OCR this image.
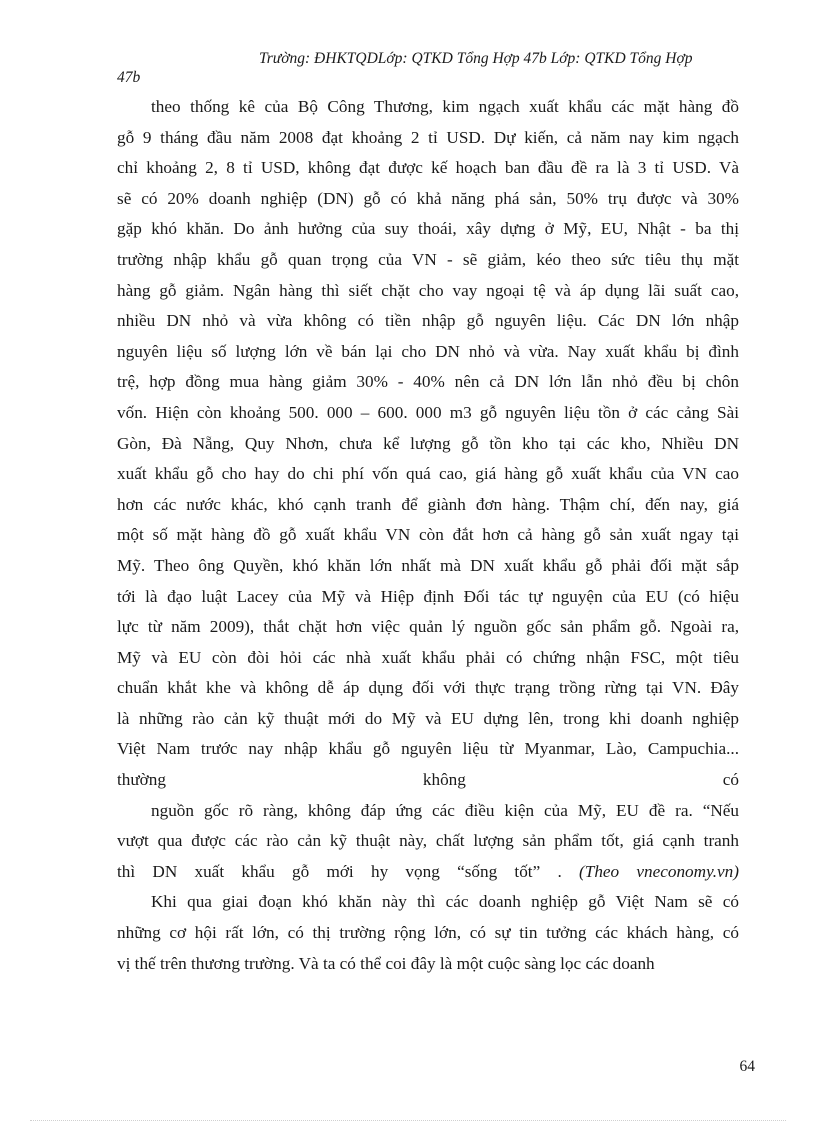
Trường: ĐHKTQDLớp: QTKD Tổng Hợp 47b Lớp: QTKD Tổng Hợp
47b
theo thống kê của Bộ Công Thương, kim ngạch xuất khẩu các mặt hàng đồ
gỗ 9 tháng đầu năm 2008 đạt khoảng 2 tỉ USD. Dự kiến, cả năm nay kim ngạch
chỉ khoảng 2, 8 tỉ USD, không đạt được kế hoạch ban đầu đề ra là 3 tỉ USD. Và
sẽ có 20% doanh nghiệp (DN) gỗ có khả năng phá sản, 50% trụ được và 30%
gặp khó khăn. Do ảnh hưởng của suy thoái, xây dựng ở Mỹ, EU, Nhật - ba thị
trường nhập khẩu gỗ quan trọng của VN - sẽ giảm, kéo theo sức tiêu thụ mặt
hàng gỗ giảm. Ngân hàng thì siết chặt cho vay ngoại tệ và áp dụng lãi suất cao,
nhiều DN nhỏ và vừa không có tiền nhập gỗ nguyên liệu. Các DN lớn nhập
nguyên liệu số lượng lớn về bán lại cho DN nhỏ và vừa. Nay xuất khẩu bị đình
trệ, hợp đồng mua hàng giảm 30% - 40% nên cả DN lớn lẫn nhỏ đều bị chôn
vốn. Hiện còn khoảng 500. 000 – 600. 000 m3 gỗ nguyên liệu tồn ở các cảng Sài
Gòn, Đà Nẵng, Quy Nhơn, chưa kể lượng gỗ tồn kho tại các kho, Nhiều DN
xuất khẩu gỗ cho hay do chi phí vốn quá cao, giá hàng gỗ xuất khẩu của VN cao
hơn các nước khác, khó cạnh tranh để giành đơn hàng. Thậm chí, đến nay, giá
một số mặt hàng đồ gỗ xuất khẩu VN còn đắt hơn cả hàng gỗ sản xuất ngay tại
Mỹ. Theo ông Quyền, khó khăn lớn nhất mà DN xuất khẩu gỗ phải đối mặt sắp
tới là đạo luật Lacey của Mỹ và Hiệp định Đối tác tự nguyện của EU (có hiệu
lực từ năm 2009), thắt chặt hơn việc quản lý nguồn gốc sản phẩm gỗ. Ngoài ra,
Mỹ và EU còn đòi hỏi các nhà xuất khẩu phải có chứng nhận FSC, một tiêu
chuẩn khắt khe và không dễ áp dụng đối với thực trạng trồng rừng tại VN. Đây
là những rào cản kỹ thuật mới do Mỹ và EU dựng lên, trong khi doanh nghiệp
Việt Nam trước nay nhập khẩu gỗ nguyên liệu từ Myanmar, Lào, Campuchia...
thường không có
nguồn gốc rõ ràng, không đáp ứng các điều kiện của Mỹ, EU đề ra. “Nếu
vượt qua được các rào cản kỹ thuật này, chất lượng sản phẩm tốt, giá cạnh tranh
thì DN xuất khẩu gỗ mới hy vọng “sống tốt” . (Theo vneconomy.vn)
Khi qua giai đoạn khó khăn này thì các doanh nghiệp gỗ Việt Nam sẽ có
những cơ hội rất lớn, có thị trường rộng lớn, có sự tin tưởng các khách hàng, có
vị thế trên thương trường. Và ta có thể coi đây là một cuộc sàng lọc các doanh
64
